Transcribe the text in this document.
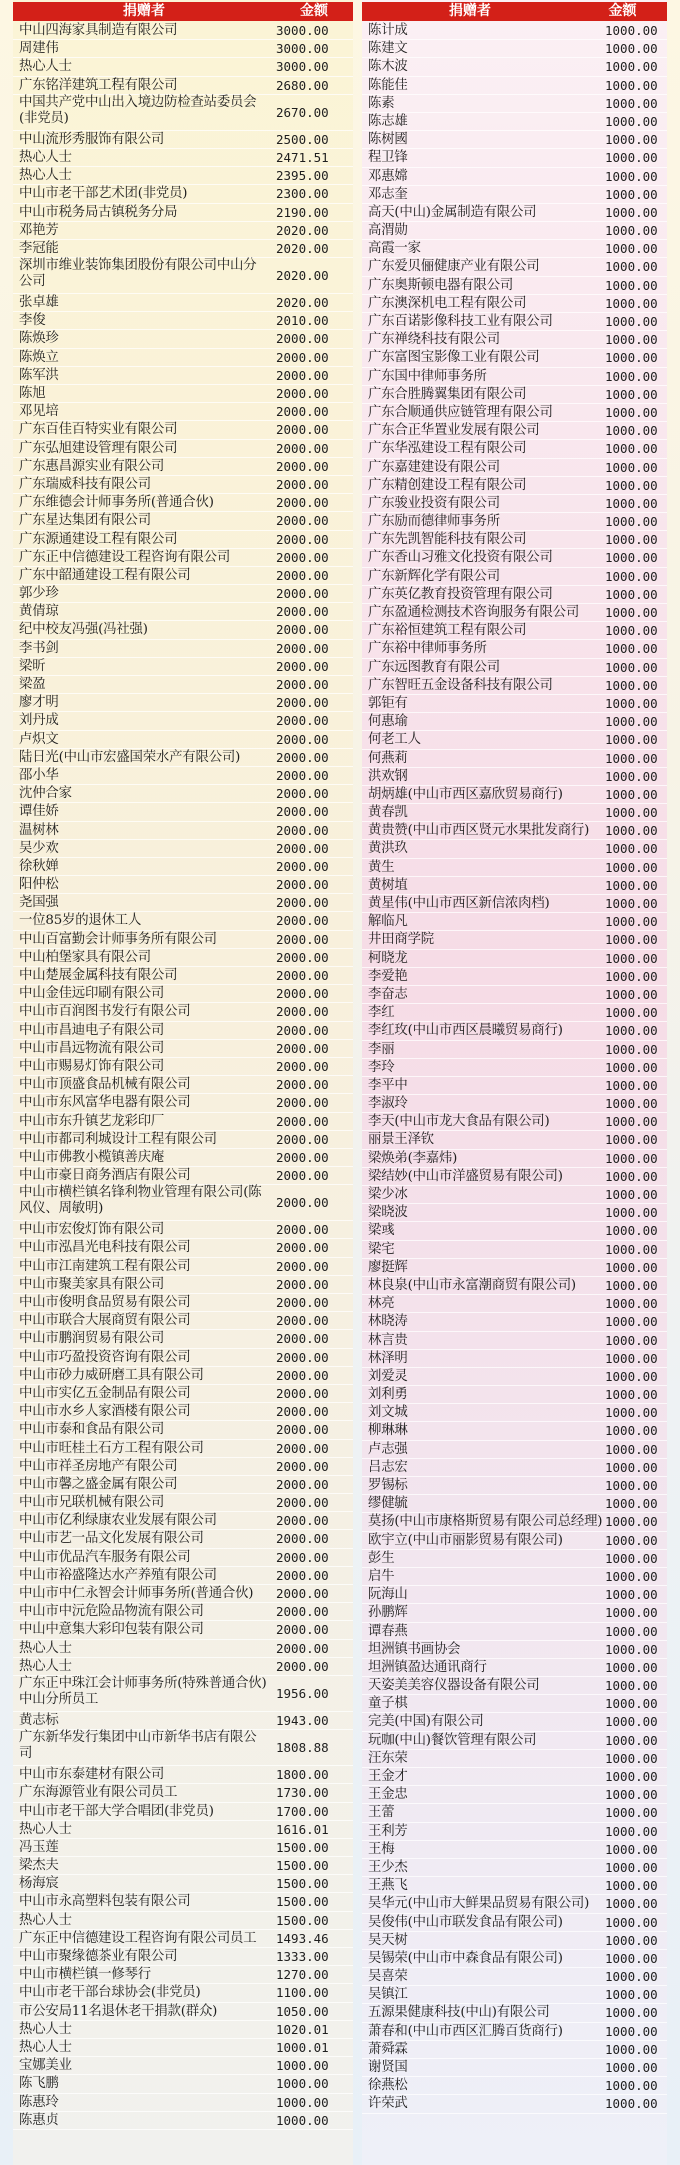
捐赠者	金额
中山四海家具制造有限公司	3000.00
周建伟	3000.00
热心人士	3000.00
广东铭洋建筑工程有限公司	2680.00
中国共产党中山出入境边防检查站委员会(非党员)	2670.00
中山流形秀服饰有限公司	2500.00
热心人士	2471.51
热心人士	2395.00
中山市老干部艺术团(非党员)	2300.00
中山市税务局古镇税务分局	2190.00
邓艳芳	2020.00
李冠能	2020.00
深圳市维业装饰集团股份有限公司中山分公司	2020.00
张卓雄	2020.00
李俊	2010.00
陈焕珍	2000.00
陈焕立	2000.00
陈军洪	2000.00
陈旭	2000.00
邓见培	2000.00
广东百佳百特实业有限公司	2000.00
广东弘旭建设管理有限公司	2000.00
广东惠昌源实业有限公司	2000.00
广东瑞威科技有限公司	2000.00
广东维德会计师事务所(普通合伙)	2000.00
广东星达集团有限公司	2000.00
广东源通建设工程有限公司	2000.00
广东正中信德建设工程咨询有限公司	2000.00
广东中韶通建设工程有限公司	2000.00
郭少珍	2000.00
黄倩琼	2000.00
纪中校友冯强(冯社强)	2000.00
李书剑	2000.00
梁昕	2000.00
梁盈	2000.00
廖才明	2000.00
刘丹成	2000.00
卢炽文	2000.00
陆日光(中山市宏盛国荣水产有限公司)	2000.00
邵小华	2000.00
沈仲合家	2000.00
谭佳娇	2000.00
温树林	2000.00
吴少欢	2000.00
徐秋婵	2000.00
阳仲松	2000.00
尧国强	2000.00
一位85岁的退休工人	2000.00
中山百富勤会计师事务所有限公司	2000.00
中山柏堡家具有限公司	2000.00
中山楚展金属科技有限公司	2000.00
中山金佳远印刷有限公司	2000.00
中山市百润图书发行有限公司	2000.00
中山市昌迪电子有限公司	2000.00
中山市昌远物流有限公司	2000.00
中山市赐易灯饰有限公司	2000.00
中山市顶盛食品机械有限公司	2000.00
中山市东风富华电器有限公司	2000.00
中山市东升镇艺龙彩印厂	2000.00
中山市都司利城设计工程有限公司	2000.00
中山市佛教小榄镇善庆庵	2000.00
中山市豪日商务酒店有限公司	2000.00
中山市横栏镇名锋利物业管理有限公司(陈风仪、周敏明)	2000.00
中山市宏俊灯饰有限公司	2000.00
中山市泓昌光电科技有限公司	2000.00
中山市江南建筑工程有限公司	2000.00
中山市聚美家具有限公司	2000.00
中山市俊明食品贸易有限公司	2000.00
中山市联合大展商贸有限公司	2000.00
中山市鹏润贸易有限公司	2000.00
中山市巧盈投资咨询有限公司	2000.00
中山市砂力威研磨工具有限公司	2000.00
中山市实亿五金制品有限公司	2000.00
中山市水乡人家酒楼有限公司	2000.00
中山市泰和食品有限公司	2000.00
中山市旺桂土石方工程有限公司	2000.00
中山市祥圣房地产有限公司	2000.00
中山市馨之盛金属有限公司	2000.00
中山市兄联机械有限公司	2000.00
中山市亿利绿康农业发展有限公司	2000.00
中山市艺一品文化发展有限公司	2000.00
中山市优品汽车服务有限公司	2000.00
中山市裕盛隆达水产养殖有限公司	2000.00
中山市中仁永智会计师事务所(普通合伙) 2000.00
中山市中沅危险品物流有限公司	2000.00
中山中意集大彩印包装有限公司	2000.00
热心人士	2000.00
热心人士	2000.00
广东正中珠江会计师事务所(特殊普通合伙)中山分所员工	1956.00
黄志标	1943.00
广东新华发行集团中山市新华书店有限公司	1808.88
中山市东泰建材有限公司	1800.00
广东海源管业有限公司员工	1730.00
中山市老干部大学合唱团(非党员)	1700.00
热心人士	1616.01
冯玉莲	1500.00
梁杰夫	1500.00
杨海宸	1500.00
中山市永高塑料包装有限公司	1500.00
热心人士	1500.00
广东正中信德建设工程咨询有限公司员工 1493.46
中山市聚缘德茶业有限公司	1333.00
中山市横栏镇一修琴行	1270.00
中山市老干部台球协会(非党员)	1100.00
市公安局11名退休老干捐款(群众)	1050.00
热心人士	1020.01
热心人士	1000.01
宝娜美业	1000.00
陈飞鹏	1000.00
陈惠玲	1000.00
陈惠贞	1000.00
捐赠者	金额
陈计成	1000.00
陈建文	1000.00
陈木波	1000.00
陈能佳	1000.00
陈素	1000.00
陈志雄	1000.00
陈树國	1000.00
程卫锋	1000.00
邓惠嫦	1000.00
邓志奎	1000.00
高天(中山)金属制造有限公司	1000.00
高渭勋	1000.00
高霞一家	1000.00
广东爱贝俪健康产业有限公司	1000.00
广东奥斯顿电器有限公司	1000.00
广东澳深机电工程有限公司	1000.00
广东百诺影像科技工业有限公司	1000.00
广东禅绕科技有限公司	1000.00
广东富图宝影像工业有限公司	1000.00
广东国中律师事务所	1000.00
广东合胜腾翼集团有限公司	1000.00
广东合顺通供应链管理有限公司	1000.00
广东合正华置业发展有限公司	1000.00
广东华泓建设工程有限公司	1000.00
广东嘉建建设有限公司	1000.00
广东精创建设工程有限公司	1000.00
广东骏业投资有限公司	1000.00
广东励而德律师事务所	1000.00
广东先凯智能科技有限公司	1000.00
广东香山习雅文化投资有限公司	1000.00
广东新辉化学有限公司	1000.00
广东英亿教育投资管理有限公司	1000.00
广东盈通检测技术咨询服务有限公司 1000.00
广东裕恒建筑工程有限公司	1000.00
广东裕中律师事务所	1000.00
广东远图教育有限公司	1000.00
广东智旺五金设备科技有限公司	1000.00
郭钜有	1000.00
何惠瑜	1000.00
何老工人	1000.00
何燕莉	1000.00
洪欢钢	1000.00
胡炳雄(中山市西区嘉欣贸易商行)	1000.00
黄春凯	1000.00
黄贵赞(中山市西区贤元水果批发商行) 1000.00
黄洪玖	1000.00
黄生	1000.00
黄树埴	1000.00
黄星伟(中山市西区新信浓肉档)	1000.00
解临凡	1000.00
井田商学院	1000.00
柯晓龙	1000.00
李爱艳	1000.00
李奋志	1000.00
李红	1000.00
李红玫(中山市西区晨曦贸易商行)	1000.00
李丽	1000.00
李玲	1000.00
李平中	1000.00
李淑玲	1000.00
李天(中山市龙大食品有限公司)	1000.00
丽景王泽钦	1000.00
梁焕弟(李嘉炜)	1000.00
梁结妙(中山市洋盛贸易有限公司)	1000.00
梁少冰	1000.00
梁晓波	1000.00
梁彧	1000.00
梁宅	1000.00
廖挺辉	1000.00
林良泉(中山市永富潮商贸有限公司) 1000.00
林亮	1000.00
林晓涛	1000.00
林言贵	1000.00
林泽明	1000.00
刘爱灵	1000.00
刘利勇	1000.00
刘文城	1000.00
柳琳琳	1000.00
卢志强	1000.00
吕志宏	1000.00
罗锡标	1000.00
缪健毓	1000.00
莫扬(中山市康格斯贸易有限公司总经理) 1000.00
欧宇立(中山市丽影贸易有限公司)	1000.00
彭生	1000.00
启牛	1000.00
阮海山	1000.00
孙鹏辉	1000.00
谭春燕	1000.00
坦洲镇书画协会	1000.00
坦洲镇盈达通讯商行	1000.00
天姿美美容仪器设备有限公司	1000.00
童子棋	1000.00
完美(中国)有限公司	1000.00
玩咖(中山)餐饮管理有限公司	1000.00
汪东荣	1000.00
王金才	1000.00
王金忠	1000.00
王蕾	1000.00
王利芳	1000.00
王梅	1000.00
王少杰	1000.00
王燕飞	1000.00
吴华元(中山市大鲜果品贸易有限公司) 1000.00
吴俊伟(中山市联发食品有限公司)	1000.00
吴天树	1000.00
吴锡荣(中山市中森食品有限公司)	1000.00
吴喜荣	1000.00
吴镇江	1000.00
五源果健康科技(中山)有限公司	1000.00
萧春和(中山市西区汇腾百货商行)	1000.00
萧舜霖	1000.00
谢贤国	1000.00
徐燕松	1000.00
许荣武	1000.00
